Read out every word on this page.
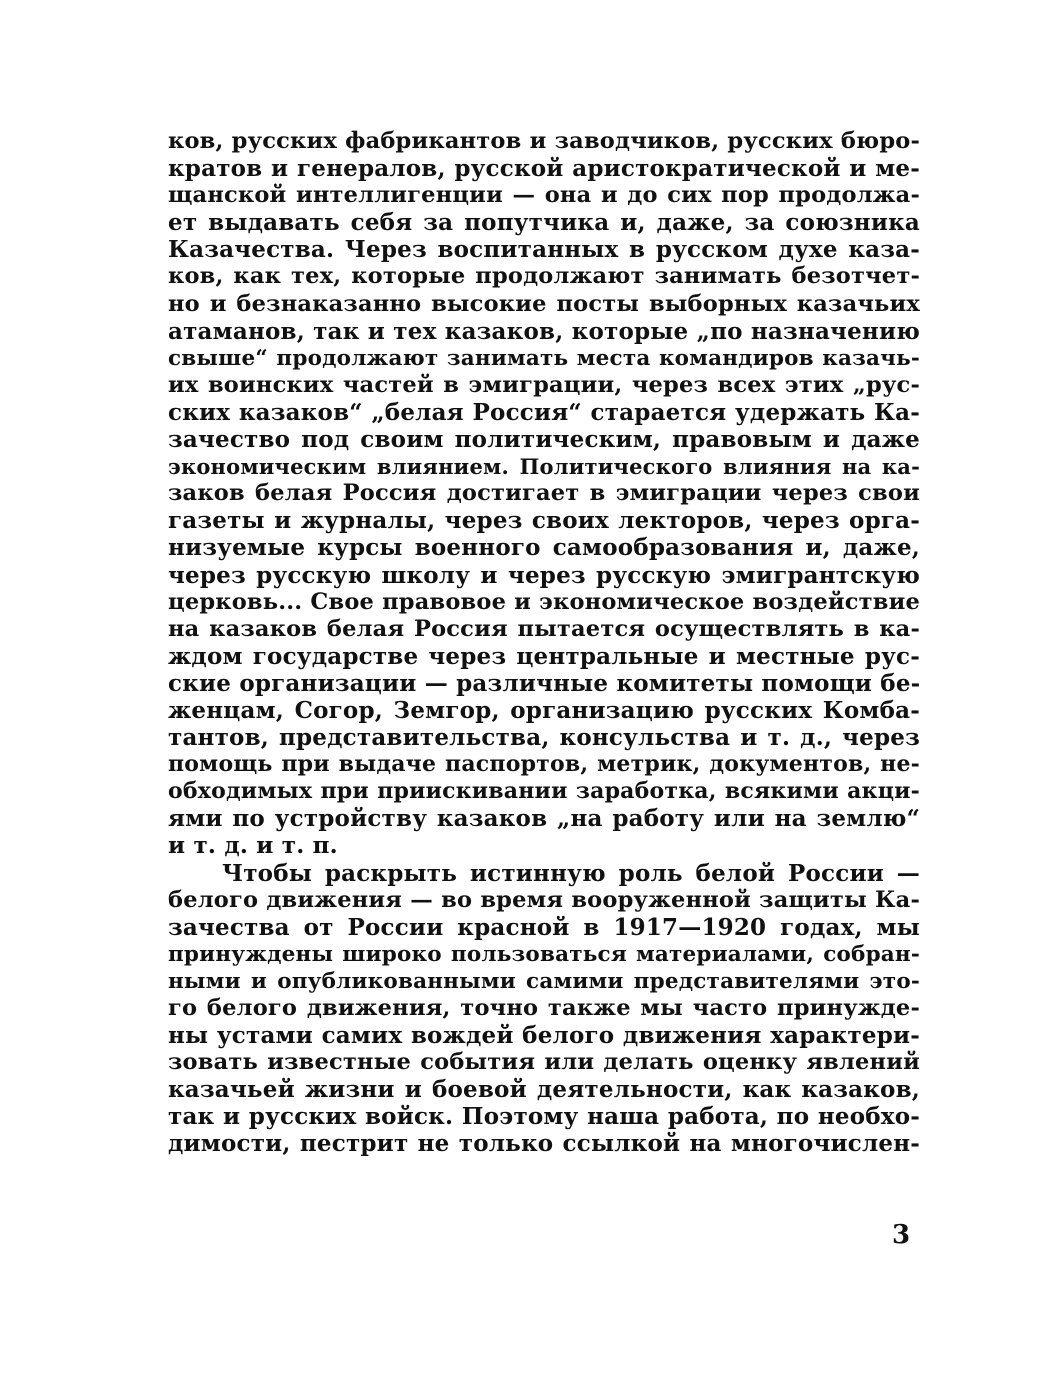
ков, русских фабрикантов и заводчиков, русских бюро-
кратов и генералов, русской аристократической и ме-
щанской интеллигенции — она и до сих пор продолжа-
ет выдавать себя за попутчика и, даже, за союзника
Казачества. Через воспитанных в русском духе каза-
ков, как тех, которые продолжают занимать безотчет-
но и безнаказанно высокие посты выборных казачьих
атаманов, так и тех казаков, которые „по назначению
свыше“ продолжают занимать места командиров казачь-
их воинских частей в эмиграции, через всех этих „рус-
ских казаков“ „белая Россия“ старается удержать Ка-
зачество под своим политическим, правовым и даже
экономическим влиянием. Политического влияния на ка-
заков белая Россия достигает в эмиграции через свои
газеты и журналы, через своих лекторов, через орга-
низуемые курсы военного самообразования и, даже,
через русскую школу и через русскую эмигрантскую
церковь... Свое правовое и экономическое воздействие
на казаков белая Россия пытается осуществлять в ка-
ждом государстве через центральные и местные рус-
ские организации — различные комитеты помощи бе-
женцам, Согор, Земгор, организацию русских Комба-
тантов, представительства, консульства и т. д., через
помощь при выдаче паспортов, метрик, документов, не-
обходимых при приискивании заработка, всякими акци-
ями по устройству казаков „на работу или на землю“
и т. д. и т. п.
Чтобы раскрыть истинную роль белой России —
белого движения — во время вооруженной защиты Ка-
зачества от России красной в 1917—1920 годах, мы
принуждены широко пользоваться материалами, собран-
ными и опубликованными самими представителями это-
го белого движения, точно также мы часто принужде-
ны устами самих вождей белого движения характери-
зовать известные события или делать оценку явлений
казачьей жизни и боевой деятельности, как казаков,
так и русских войск. Поэтому наша работа, по необхо-
димости, пестрит не только ссылкой на многочислен-
3
